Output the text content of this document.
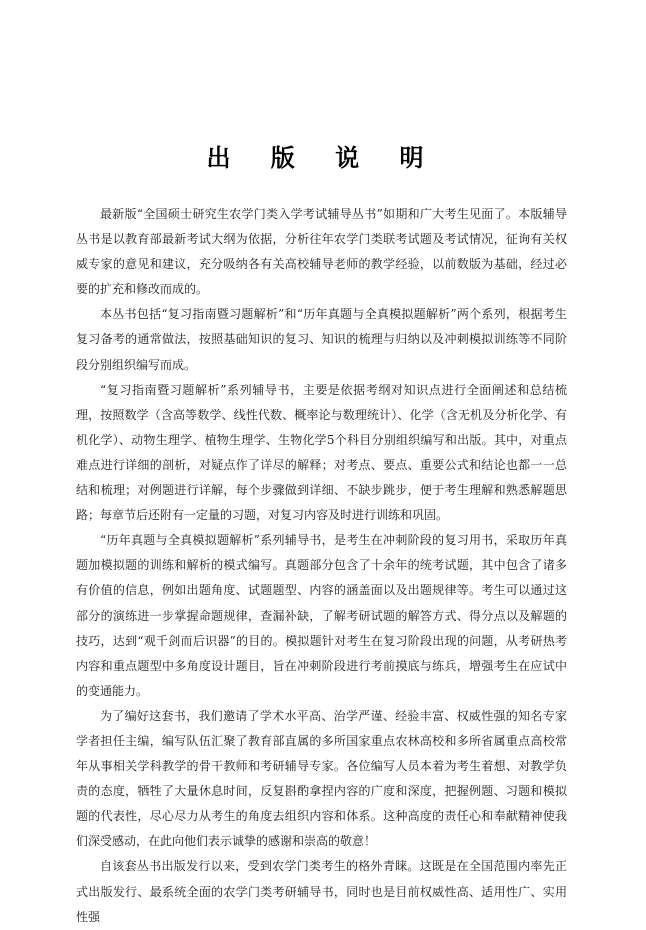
出 版 说 明

最新版“全国硕士研究生农学门类入学考试辅导丛书”如期和广大考生见面了。本版辅导丛书是以教育部最新考试大纲为依据，分析往年农学门类联考试题及考试情况，征询有关权威专家的意见和建议，充分吸纳各有关高校辅导老师的教学经验，以前数版为基础，经过必要的扩充和修改而成的。

本丛书包括“复习指南暨习题解析”和“历年真题与全真模拟题解析”两个系列，根据考生复习备考的通常做法，按照基础知识的复习、知识的梳理与归纳以及冲刺模拟训练等不同阶段分别组织编写而成。

“复习指南暨习题解析”系列辅导书，主要是依据考纲对知识点进行全面阐述和总结梳理，按照数学（含高等数学、线性代数、概率论与数理统计）、化学（含无机及分析化学、有机化学）、动物生理学、植物生理学、生物化学5个科目分别组织编写和出版。其中，对重点难点进行详细的剖析，对疑点作了详尽的解释；对考点、要点、重要公式和结论也都一一总结和梳理；对例题进行详解，每个步骤做到详细、不缺步跳步，便于考生理解和熟悉解题思路；每章节后还附有一定量的习题，对复习内容及时进行训练和巩固。

“历年真题与全真模拟题解析”系列辅导书，是考生在冲刺阶段的复习用书，采取历年真题加模拟题的训练和解析的模式编写。真题部分包含了十余年的统考试题，其中包含了诸多有价值的信息，例如出题角度、试题题型、内容的涵盖面以及出题规律等。考生可以通过这部分的演练进一步掌握命题规律，查漏补缺，了解考研试题的解答方式、得分点以及解题的技巧，达到“观千剑而后识器”的目的。模拟题针对考生在复习阶段出现的问题，从考研热考内容和重点题型中多角度设计题目，旨在冲刺阶段进行考前摸底与练兵，增强考生在应试中的变通能力。

为了编好这套书，我们邀请了学术水平高、治学严谨、经验丰富、权威性强的知名专家学者担任主编，编写队伍汇聚了教育部直属的多所国家重点农林高校和多所省属重点高校常年从事相关学科教学的骨干教师和考研辅导专家。各位编写人员本着为考生着想、对教学负责的态度，牺牲了大量休息时间，反复斟酌拿捏内容的广度和深度，把握例题、习题和模拟题的代表性，尽心尽力从考生的角度去组织内容和体系。这种高度的责任心和奉献精神使我们深受感动，在此向他们表示诚挚的感谢和崇高的敬意！

自该套丛书出版发行以来，受到农学门类考生的格外青睐。这既是在全国范围内率先正式出版发行、最系统全面的农学门类考研辅导书，同时也是目前权威性高、适用性广、实用性强
